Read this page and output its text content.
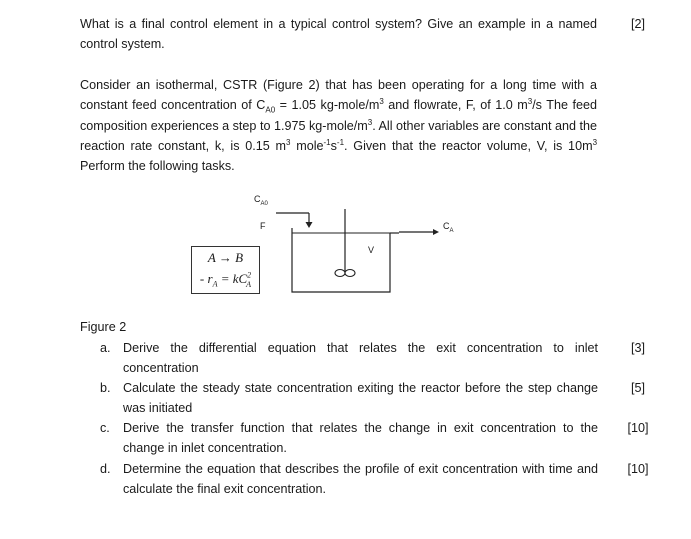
What is a final control element in a typical control system? Give an example in a named control system.
[2]
Consider an isothermal, CSTR (Figure 2) that has been operating for a long time with a constant feed concentration of $C_{A0} = 1.05$ $kg-mole/m^3$ and flowrate, F, of 1.0 $m^3/s$ The feed composition experiences a step to 1.975 $kg-mole/m^3$. All other variables are constant and the reaction rate constant, k, is 0.15 $m^3$ $mole^{-1}s^{-1}$. Given that the reactor volume, V, is $10m^3$ Perform the following tasks.
$C_{A0}$
F	$C_A$
V
A → B
- $r_A = kC^2_A$
Figure 2
a. Derive the differential equation that relates the exit concentration to inlet concentration
[3]
b. Calculate the steady state concentration exiting the reactor before the step change was initiated
[5]
c.	Derive the transfer function that relates the change in exit concentration to the change in inlet concentration.
[10]
d. Determine the equation that describes the profile of exit concentration with time and calculate the final exit concentration.
[10]
